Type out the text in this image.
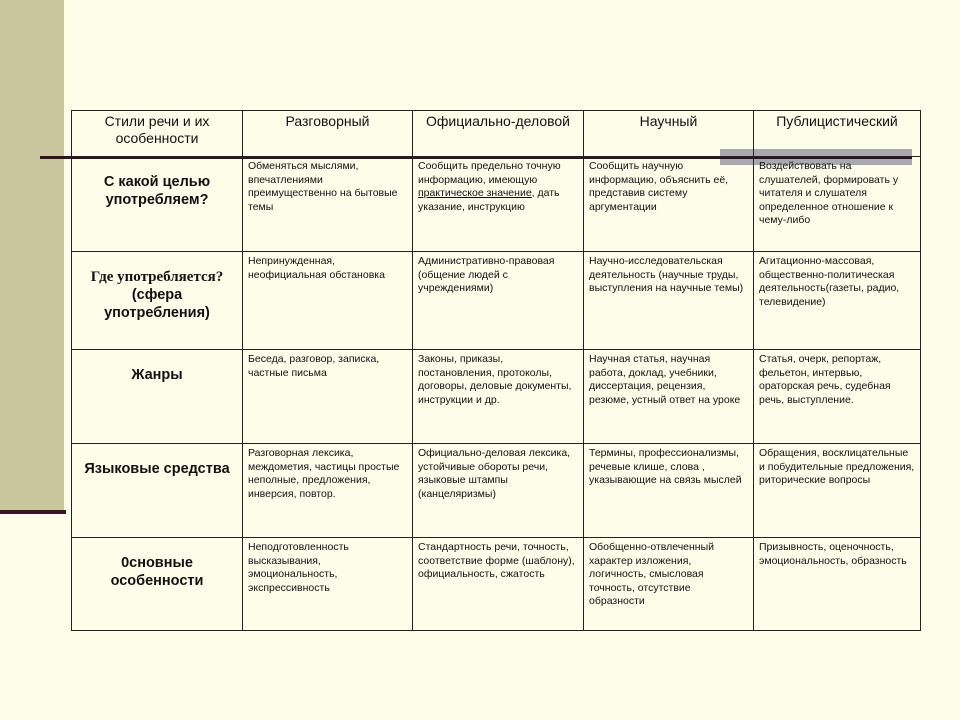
Стили речи и их особенности	Разговорный	Официально-деловой	Научный	Публицистический
С какой целью употребляем?	Обменяться мыслями, впечатлениями преимущественно на бытовые темы	Сообщить предельно точную информацию, имеющую практическое значение, дать указание, инструкцию	Сообщить научную информацию, объяснить её, представив систему аргументации	Воздействовать на слушателей, формировать у читателя и слушателя определенное отношение к чему-либо

Где употребляется?
(сфера употребления)	Непринужденная, неофициальная обстановка	Административно-правовая (общение людей с учреждениями)	Научно-исследовательская деятельность (научные труды, выступления на научные темы)	Агитационно-массовая, общественно-политическая деятельность(газеты, радио, телевидение)
Жанры	Беседа, разговор, записка, частные письма	Законы, приказы, постановления, протоколы, договоры, деловые документы, инструкции и др.	Научная статья, научная работа, доклад, учебники, диссертация, рецензия, резюме, устный ответ на уроке	Статья, очерк, репортаж, фельетон, интервью, ораторская речь, судебная речь, выступление.
Языковые средства	Разговорная лексика, междометия, частицы простые неполные, предложения, инверсия, повтор.	Официально-деловая лексика, устойчивые обороты речи, языковые штампы (канцеляризмы)	Термины, профессионализмы, речевые клише, слова , указывающие на связь мыслей	Обращения, восклицательные и побудительные предложения, риторические вопросы
0сновные особенности	Неподготовленность высказывания, эмоциональность, экспрессивность	Стандартность речи, точность, соответствие форме (шаблону), официальность, сжатость	Обобщенно-отвлеченный характер изложения, логичность, смысловая точность, отсутствие образности	Призывность, оценочность, эмоциональность, образность
